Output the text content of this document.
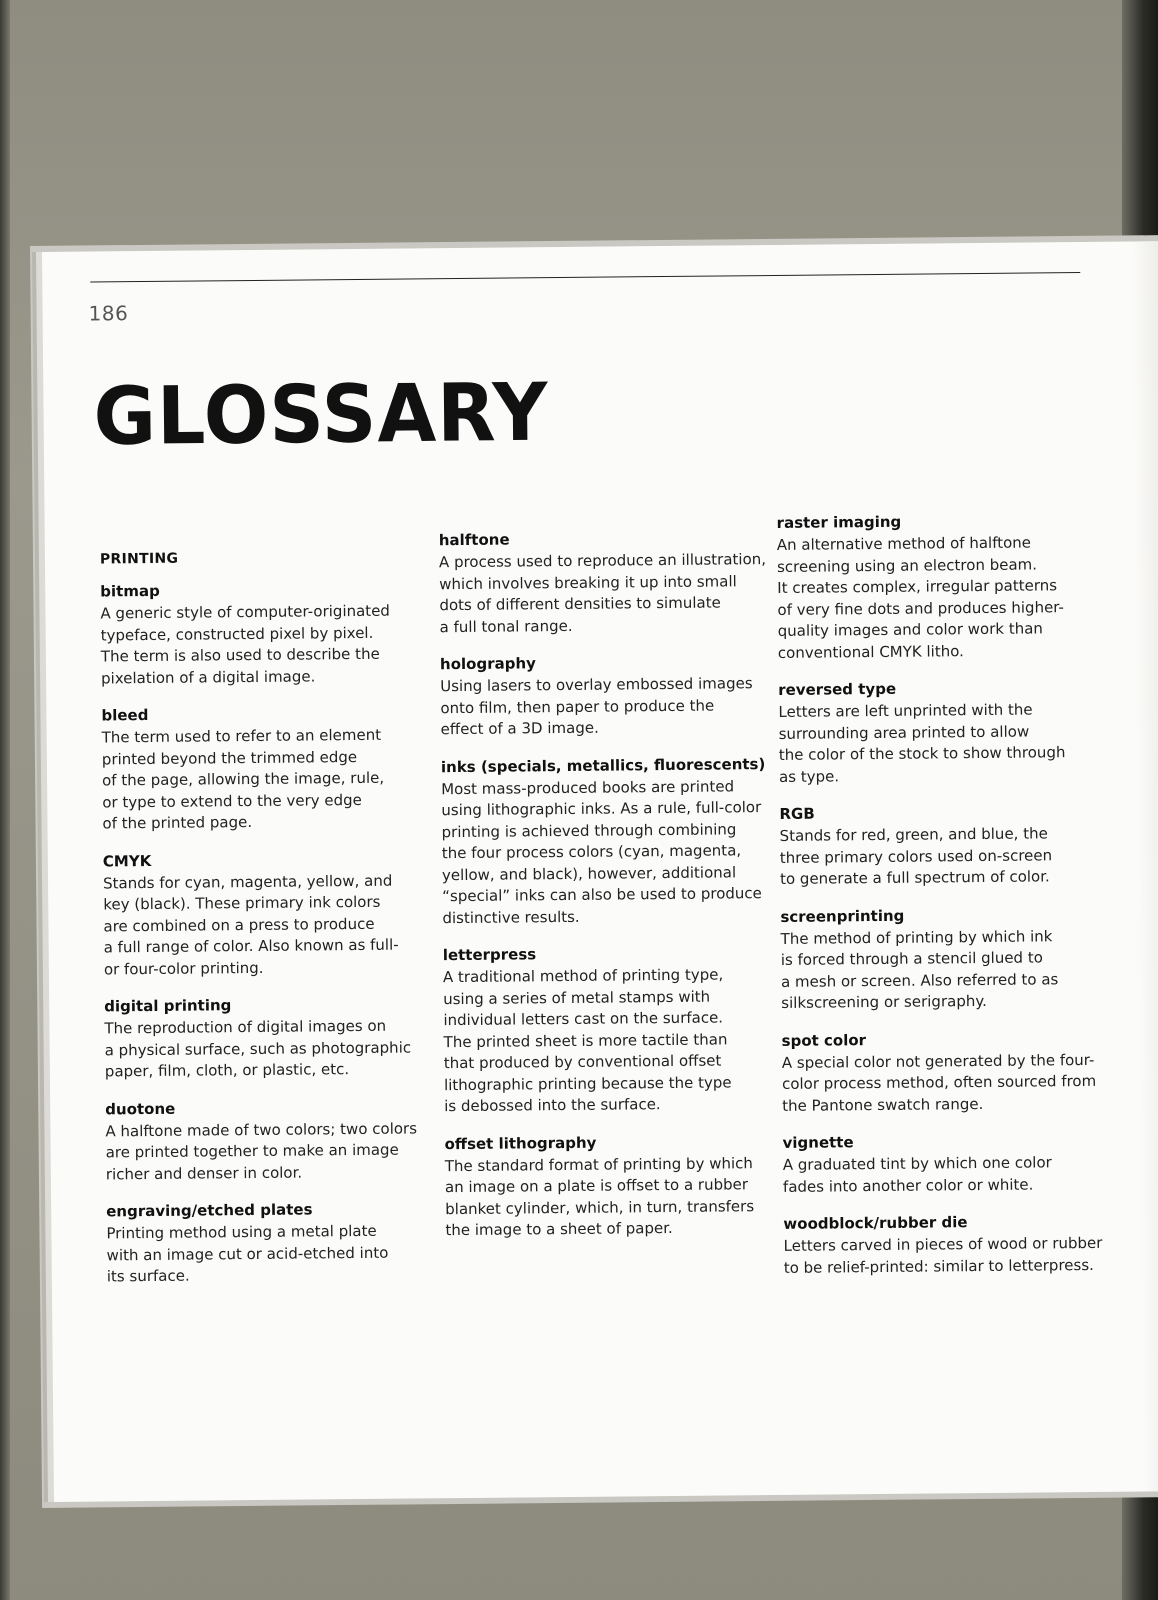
186
GLOSSARY
PRINTING
bitmap

A generic style of computer-originated
typeface, constructed pixel by pixel.
The term is also used to describe the
pixelation of a digital image.

bleed

The term used to refer to an element
printed beyond the trimmed edge
of the page, allowing the image, rule,
or type to extend to the very edge
of the printed page.

CMYK

Stands for cyan, magenta, yellow, and
key (black). These primary ink colors
are combined on a press to produce
a full range of color. Also known as full-
or four-color printing.

digital printing

The reproduction of digital images on
a physical surface, such as photographic
paper, film, cloth, or plastic, etc.

duotone

A halftone made of two colors; two colors
are printed together to make an image
richer and denser in color.

engraving/etched plates

Printing method using a metal plate
with an image cut or acid-etched into
its surface.

halftone

A process used to reproduce an illustration,
which involves breaking it up into small
dots of different densities to simulate
a full tonal range.

holography

Using lasers to overlay embossed images
onto film, then paper to produce the
effect of a 3D image.

inks (specials, metallics, fluorescents)

Most mass-produced books are printed
using lithographic inks. As a rule, full-color
printing is achieved through combining
the four process colors (cyan, magenta,
yellow, and black), however, additional
“special” inks can also be used to produce
distinctive results.

letterpress

A traditional method of printing type,
using a series of metal stamps with
individual letters cast on the surface.
The printed sheet is more tactile than
that produced by conventional offset
lithographic printing because the type
is debossed into the surface.

offset lithography

The standard format of printing by which
an image on a plate is offset to a rubber
blanket cylinder, which, in turn, transfers
the image to a sheet of paper.

raster imaging

An alternative method of halftone
screening using an electron beam.
It creates complex, irregular patterns
of very fine dots and produces higher-
quality images and color work than
conventional CMYK litho.

reversed type

Letters are left unprinted with the
surrounding area printed to allow
the color of the stock to show through
as type.

RGB

Stands for red, green, and blue, the
three primary colors used on-screen
to generate a full spectrum of color.

screenprinting

The method of printing by which ink
is forced through a stencil glued to
a mesh or screen. Also referred to as
silkscreening or serigraphy.

spot color

A special color not generated by the four-
color process method, often sourced from
the Pantone swatch range.

vignette

A graduated tint by which one color
fades into another color or white.

woodblock/rubber die

Letters carved in pieces of wood or rubber
to be relief-printed: similar to letterpress.
